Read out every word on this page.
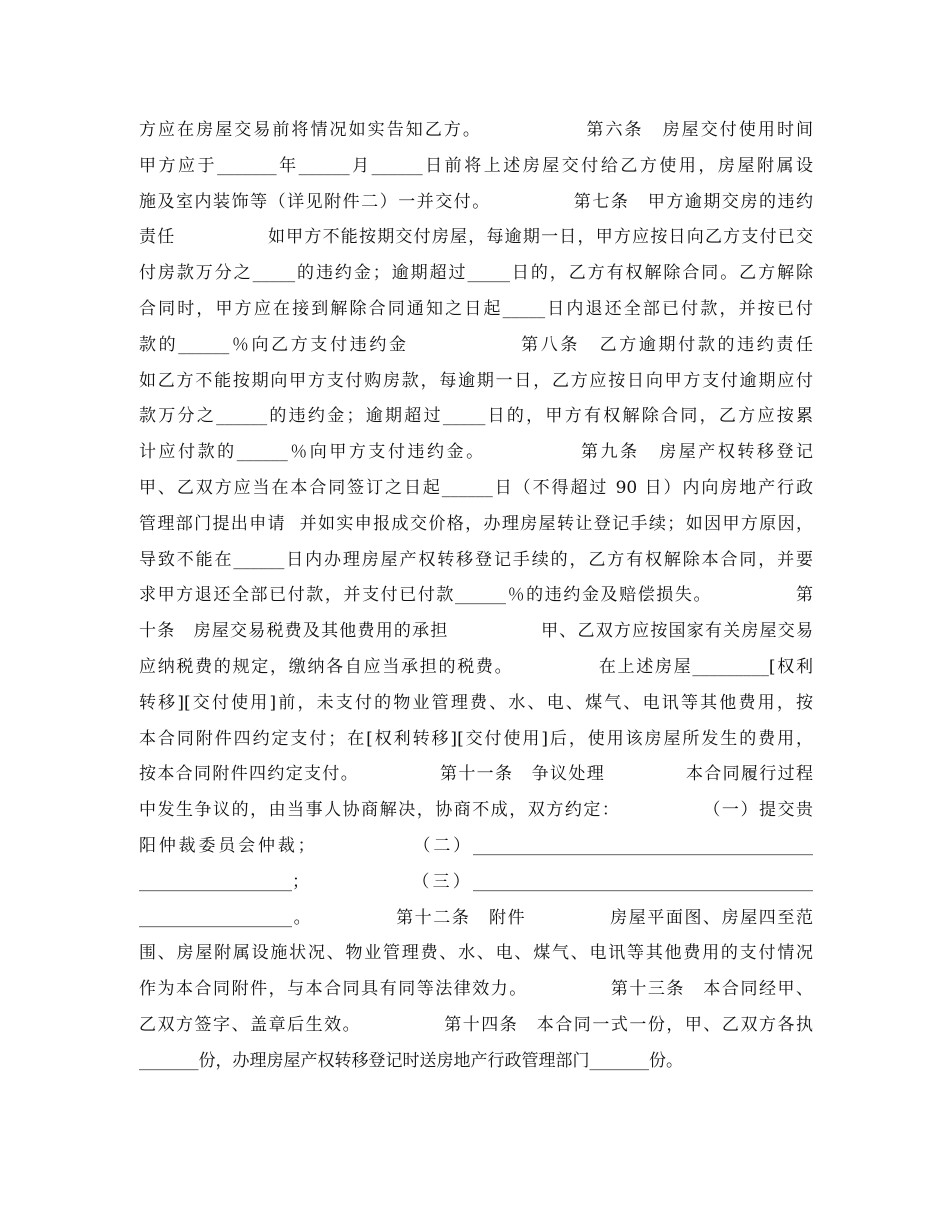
方应在房屋交易前将情况如实告知乙方。              第六条　房屋交付使用时间
甲方应于_______年______月______日前将上述房屋交付给乙方使用，房屋附属设
施及室内装饰等（详见附件二）一并交付。            第七条　甲方逾期交房的违约
责任              如甲方不能按期交付房屋，每逾期一日，甲方应按日向乙方支付已交
付房款万分之_____的违约金；逾期超过_____日的，乙方有权解除合同。乙方解除
合同时，甲方应在接到解除合同通知之日起_____日内退还全部已付款，并按已付
款的______％向乙方支付违约金              第八条　乙方逾期付款的违约责任
如乙方不能按期向甲方支付购房款，每逾期一日，乙方应按日向甲方支付逾期应付
款万分之______的违约金；逾期超过_____日的，甲方有权解除合同，乙方应按累
计应付款的______％向甲方支付违约金。            第九条　房屋产权转移登记
甲、乙双方应当在本合同签订之日起______日（不得超过 90 日）内向房地产行政
管理部门提出申请  并如实申报成交价格，办理房屋转让登记手续；如因甲方原因，
导致不能在______日内办理房屋产权转移登记手续的，乙方有权解除本合同，并要
求甲方退还全部已付款，并支付已付款______％的违约金及赔偿损失。            第
十条　房屋交易税费及其他费用的承担              甲、乙双方应按国家有关房屋交易
应纳税费的规定，缴纳各自应当承担的税费。            在上述房屋_________[权利
转移][交付使用]前，未支付的物业管理费、水、电、煤气、电讯等其他费用，按
本合同附件四约定支付；在[权利转移][交付使用]后，使用该房屋所发生的费用，
按本合同附件四约定支付。            第十一条　争议处理            本合同履行过程
中发生争议的，由当事人协商解决，协商不成，双方约定：            （一）提交贵
阳仲裁委员会仲裁；            （二）________________________________________
__________________；            （三）________________________________________
__________________。            第十二条　附件            房屋平面图、房屋四至范
围、房屋附属设施状况、物业管理费、水、电、煤气、电讯等其他费用的支付情况
作为本合同附件，与本合同具有同等法律效力。            第十三条　本合同经甲、
乙双方签字、盖章后生效。            第十四条　本合同一式一份，甲、乙双方各执
_______份，办理房屋产权转移登记时送房地产行政管理部门_______份。
